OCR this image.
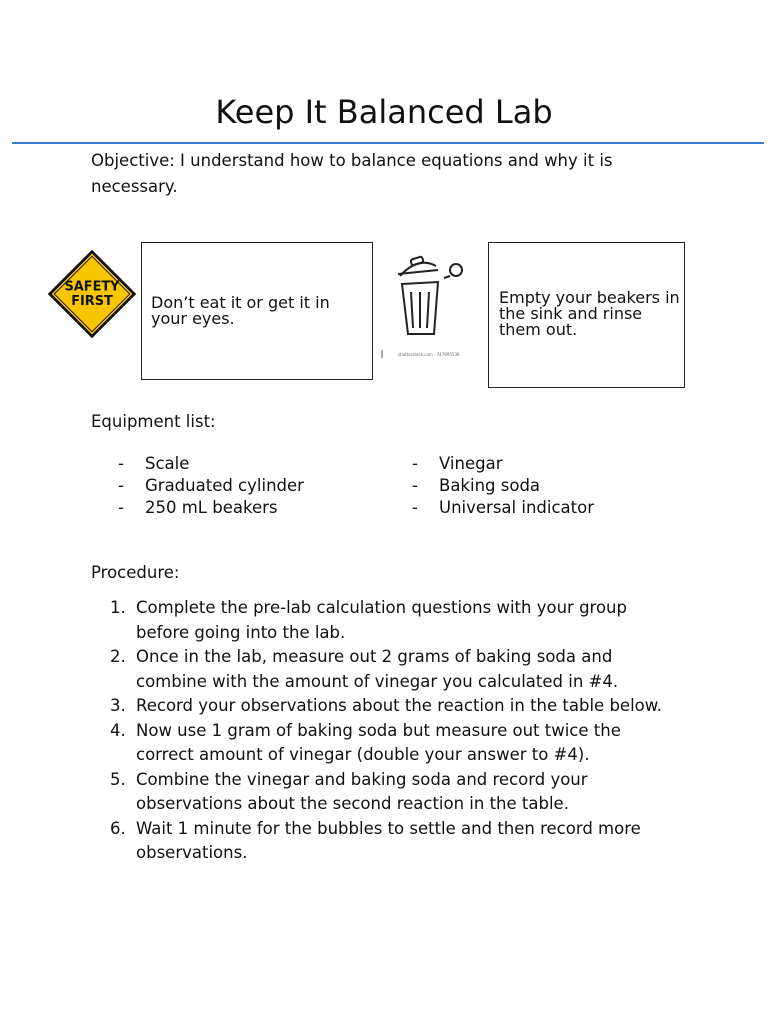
Keep It Balanced Lab
Objective: I understand how to balance equations and why it is necessary.
SAFETY
FIRST Don’t eat it or get it in your eyes.
shutterstock.com · 747995536
Empty your beakers in the sink and rinse them out.
Equipment list:
- Scale
- Graduated cylinder
- 250 mL beakers
- Vinegar
- Baking soda
- Universal indicator
Procedure:
1. Complete the pre-lab calculation questions with your group before going into the lab.
2. Once in the lab, measure out 2 grams of baking soda and combine with the amount of vinegar you calculated in #4.
3. Record your observations about the reaction in the table below.
4. Now use 1 gram of baking soda but measure out twice the correct amount of vinegar (double your answer to #4).
5. Combine the vinegar and baking soda and record your observations about the second reaction in the table.
6. Wait 1 minute for the bubbles to settle and then record more observations.
